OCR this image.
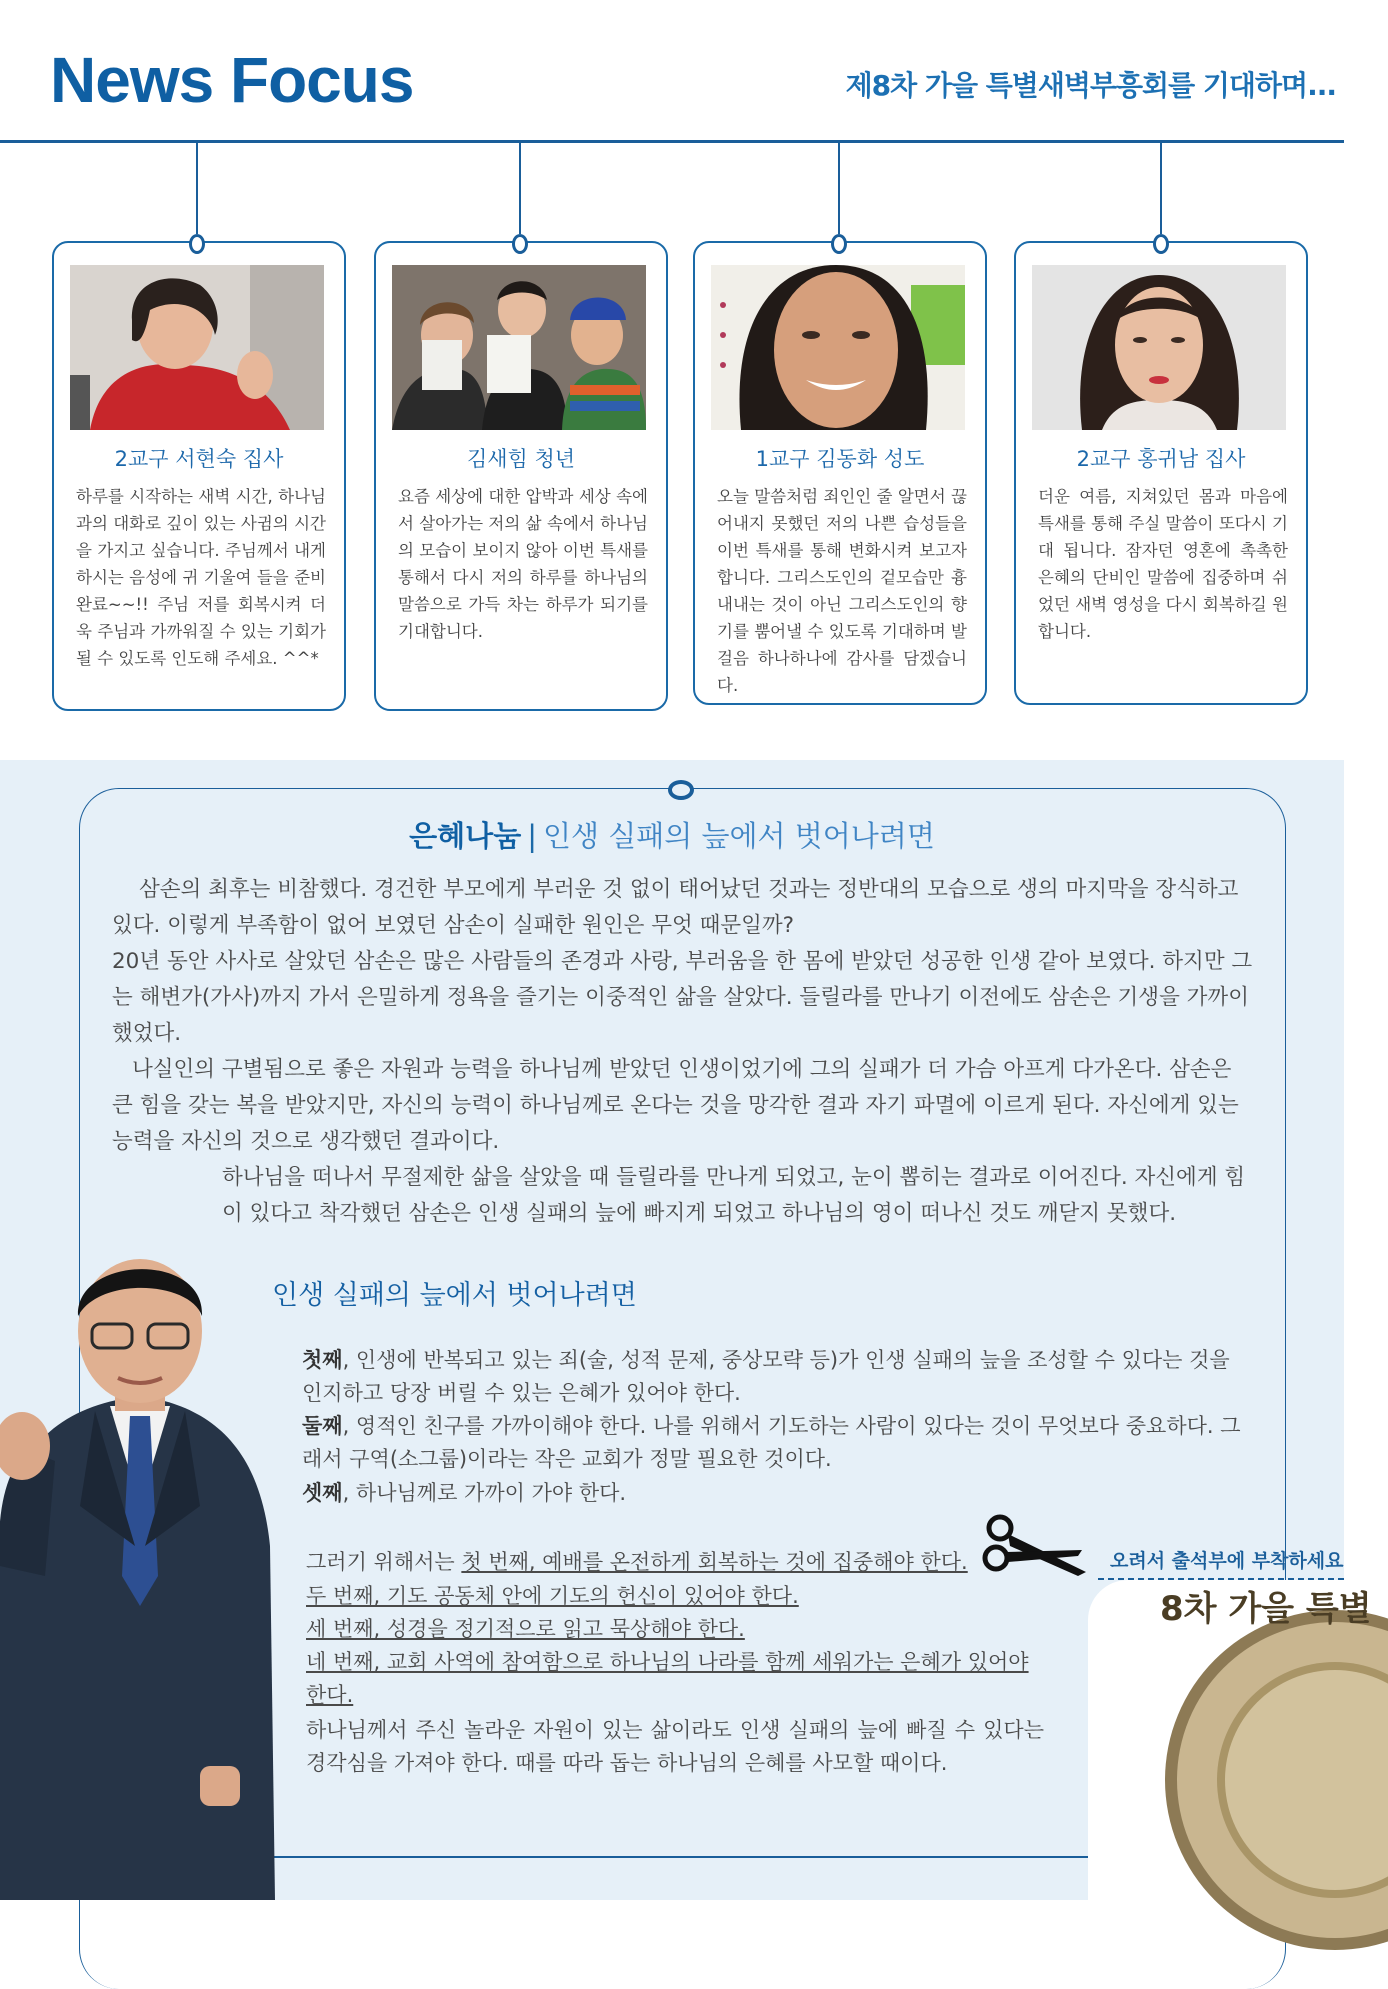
News Focus	제8차 가을 특별새벽부흥회를 기대하며...
2교구 서현숙 집사
하루를 시작하는 새벽 시간, 하나님과의 대화로 깊이 있는 사귐의 시간을 가지고 싶습니다. 주님께서 내게 하시는 음성에 귀 기울여 들을 준비 완료~~!! 주님 저를 회복시켜 더욱 주님과 가까워질 수 있는 기회가 될 수 있도록 인도해 주세요. ^^*
김새힘 청년
요즘 세상에 대한 압박과 세상 속에서 살아가는 저의 삶 속에서 하나님의 모습이 보이지 않아 이번 특새를 통해서 다시 저의 하루를 하나님의 말씀으로 가득 차는 하루가 되기를 기대합니다.
1교구 김동화 성도
오늘 말씀처럼 죄인인 줄 알면서 끊어내지 못했던 저의 나쁜 습성들을 이번 특새를 통해 변화시켜 보고자 합니다. 그리스도인의 겉모습만 흉내내는 것이 아닌 그리스도인의 향기를 뿜어낼 수 있도록 기대하며 발걸음 하나하나에 감사를 담겠습니다.
2교구 홍귀남 집사
더운 여름, 지쳐있던 몸과 마음에 특새를 통해 주실 말씀이 또다시 기대 됩니다. 잠자던 영혼에 촉촉한 은혜의 단비인 말씀에 집중하며 쉬었던 새벽 영성을 다시 회복하길 원합니다.
은혜나눔 | 인생 실패의 늪에서 벗어나려면
삼손의 최후는 비참했다. 경건한 부모에게 부러운 것 없이 태어났던 것과는 정반대의 모습으로 생의 마지막을 장식하고 있다. 이렇게 부족함이 없어 보였던 삼손이 실패한 원인은 무엇 때문일까?
20년 동안 사사로 살았던 삼손은 많은 사람들의 존경과 사랑, 부러움을 한 몸에 받았던 성공한 인생 같아 보였다. 하지만 그는 해변가(가사)까지 가서 은밀하게 정욕을 즐기는 이중적인 삶을 살았다. 들릴라를 만나기 이전에도 삼손은 기생을 가까이했었다.
나실인의 구별됨으로 좋은 자원과 능력을 하나님께 받았던 인생이었기에 그의 실패가 더 가슴 아프게 다가온다. 삼손은 큰 힘을 갖는 복을 받았지만, 자신의 능력이 하나님께로 온다는 것을 망각한 결과 자기 파멸에 이르게 된다. 자신에게 있는 능력을 자신의 것으로 생각했던 결과이다.
하나님을 떠나서 무절제한 삶을 살았을 때 들릴라를 만나게 되었고, 눈이 뽑히는 결과로 이어진다. 자신에게 힘이 있다고 착각했던 삼손은 인생 실패의 늪에 빠지게 되었고 하나님의 영이 떠나신 것도 깨닫지 못했다.
인생 실패의 늪에서 벗어나려면
첫째, 인생에 반복되고 있는 죄(술, 성적 문제, 중상모략 등)가 인생 실패의 늪을 조성할 수 있다는 것을 인지하고 당장 버릴 수 있는 은혜가 있어야 한다.
둘째, 영적인 친구를 가까이해야 한다. 나를 위해서 기도하는 사람이 있다는 것이 무엇보다 중요하다. 그래서 구역(소그룹)이라는 작은 교회가 정말 필요한 것이다.
셋째, 하나님께로 가까이 가야 한다.
그러기 위해서는 첫 번째, 예배를 온전하게 회복하는 것에 집중해야 한다.
두 번째, 기도 공동체 안에 기도의 헌신이 있어야 한다.
세 번째, 성경을 정기적으로 읽고 묵상해야 한다.
네 번째, 교회 사역에 참여함으로 하나님의 나라를 함께 세워가는 은혜가 있어야 한다.
하나님께서 주신 놀라운 자원이 있는 삶이라도 인생 실패의 늪에 빠질 수 있다는 경각심을 가져야 한다. 때를 따라 돕는 하나님의 은혜를 사모할 때이다.
8차 가을 특별
오려서 출석부에 부착하세요
